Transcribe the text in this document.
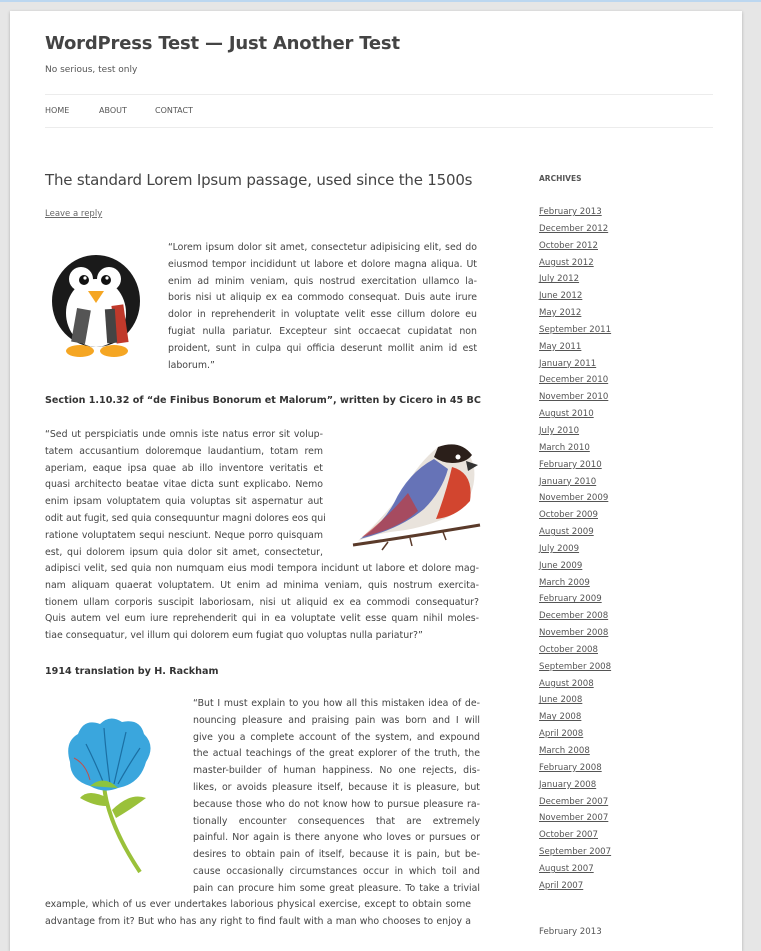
WordPress Test — Just Another Test
No serious, test only
HOME	ABOUT	CONTACT
The standard Lorem Ipsum passage, used since the 1500s
Leave a reply
“Lorem ipsum dolor sit amet, consectetur adipisicing elit, sed do
eiusmod tempor incididunt ut labore et dolore magna aliqua. Ut
enim ad minim veniam, quis nostrud exercitation ullamco la-
boris nisi ut aliquip ex ea commodo consequat. Duis aute irure
dolor in reprehenderit in voluptate velit esse cillum dolore eu
fugiat nulla pariatur. Excepteur sint occaecat cupidatat non
proident, sunt in culpa qui officia deserunt mollit anim id est
laborum.”
Section 1.10.32 of “de Finibus Bonorum et Malorum”, written by Cicero in 45 BC
“Sed ut perspiciatis unde omnis iste natus error sit volup-
tatem accusantium doloremque laudantium, totam rem
aperiam, eaque ipsa quae ab illo inventore veritatis et
quasi architecto beatae vitae dicta sunt explicabo. Nemo
enim ipsam voluptatem quia voluptas sit aspernatur aut
odit aut fugit, sed quia consequuntur magni dolores eos qui
ratione voluptatem sequi nesciunt. Neque porro quisquam
est, qui dolorem ipsum quia dolor sit amet, consectetur,
adipisci velit, sed quia non numquam eius modi tempora incidunt ut labore et dolore mag-
nam aliquam quaerat voluptatem. Ut enim ad minima veniam, quis nostrum exercita-
tionem ullam corporis suscipit laboriosam, nisi ut aliquid ex ea commodi consequatur?
Quis autem vel eum iure reprehenderit qui in ea voluptate velit esse quam nihil moles-
tiae consequatur, vel illum qui dolorem eum fugiat quo voluptas nulla pariatur?”
1914 translation by H. Rackham
“But I must explain to you how all this mistaken idea of de-
nouncing pleasure and praising pain was born and I will
give you a complete account of the system, and expound
the actual teachings of the great explorer of the truth, the
master-builder of human happiness. No one rejects, dis-
likes, or avoids pleasure itself, because it is pleasure, but
because those who do not know how to pursue pleasure ra-
tionally encounter consequences that are extremely
painful. Nor again is there anyone who loves or pursues or
desires to obtain pain of itself, because it is pain, but be-
cause occasionally circumstances occur in which toil and
pain can procure him some great pleasure. To take a trivial
example, which of us ever undertakes laborious physical exercise, except to obtain some
advantage from it? But who has any right to find fault with a man who chooses to enjoy a
ARCHIVES
February 2013
December 2012
October 2012
August 2012
July 2012
June 2012
May 2012
September 2011
May 2011
January 2011
December 2010
November 2010
August 2010
July 2010
March 2010
February 2010
January 2010
November 2009
October 2009
August 2009
July 2009
June 2009
March 2009
February 2009
December 2008
November 2008
October 2008
September 2008
August 2008
June 2008
May 2008
April 2008
March 2008
February 2008
January 2008
December 2007
November 2007
October 2007
September 2007
August 2007
April 2007
February 2013
